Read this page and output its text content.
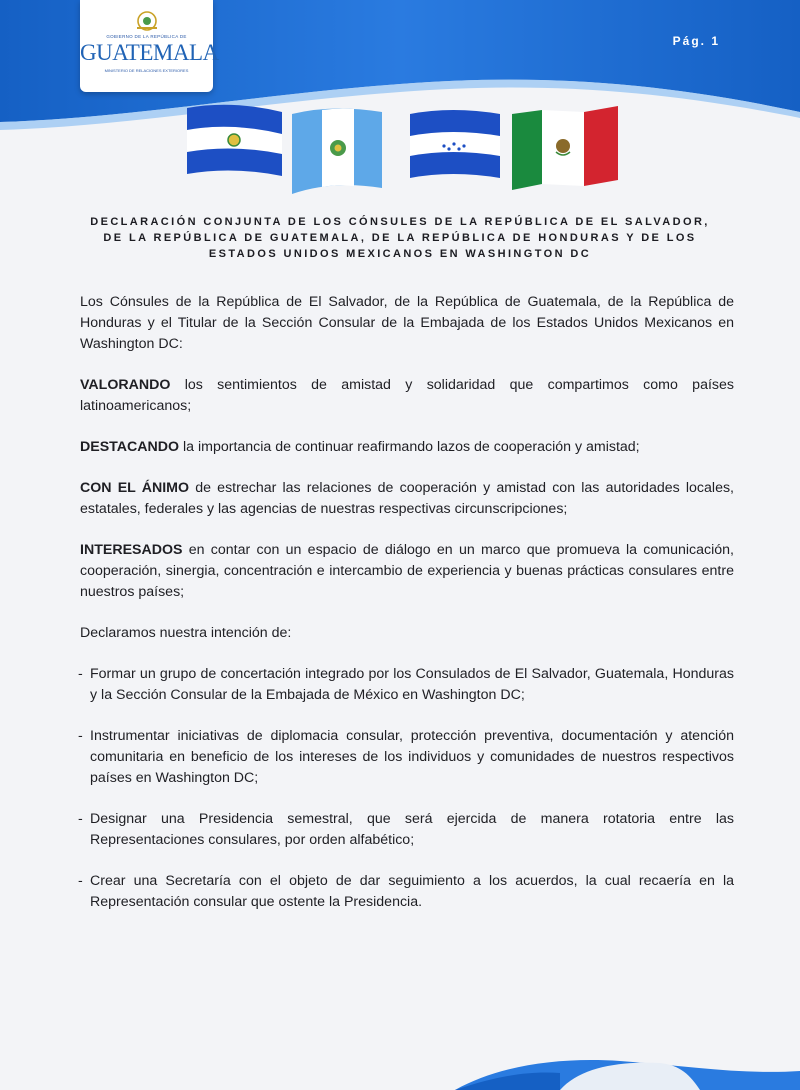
GOBIERNO DE LA REPÚBLICA DE
GUATEMALA
MINISTERIO DE RELACIONES EXTERIORES
Pág. 1
DECLARACIÓN CONJUNTA DE LOS CÓNSULES DE LA REPÚBLICA DE EL SALVADOR, DE LA REPÚBLICA DE GUATEMALA, DE LA REPÚBLICA DE HONDURAS Y DE LOS ESTADOS UNIDOS MEXICANOS EN WASHINGTON DC

Los Cónsules de la República de El Salvador, de la República de Guatemala, de la República de Honduras y el Titular de la Sección Consular de la Embajada de los Estados Unidos Mexicanos en Washington DC:

VALORANDO los sentimientos de amistad y solidaridad que compartimos como países latinoamericanos;

DESTACANDO la importancia de continuar reafirmando lazos de cooperación y amistad;

CON EL ÁNIMO de estrechar las relaciones de cooperación y amistad con las autoridades locales, estatales, federales y las agencias de nuestras respectivas circunscripciones;

INTERESADOS en contar con un espacio de diálogo en un marco que promueva la comunicación, cooperación, sinergia, concentración e intercambio de experiencia y buenas prácticas consulares entre nuestros países;

Declaramos nuestra intención de:

- Formar un grupo de concertación integrado por los Consulados de El Salvador, Guatemala, Honduras y la Sección Consular de la Embajada de México en Washington DC;
- Instrumentar iniciativas de diplomacia consular, protección preventiva, documentación y atención comunitaria en beneficio de los intereses de los individuos y comunidades de nuestros respectivos países en Washington DC;
- Designar una Presidencia semestral, que será ejercida de manera rotatoria entre las Representaciones consulares, por orden alfabético;
- Crear una Secretaría con el objeto de dar seguimiento a los acuerdos, la cual recaería en la Representación consular que ostente la Presidencia.
